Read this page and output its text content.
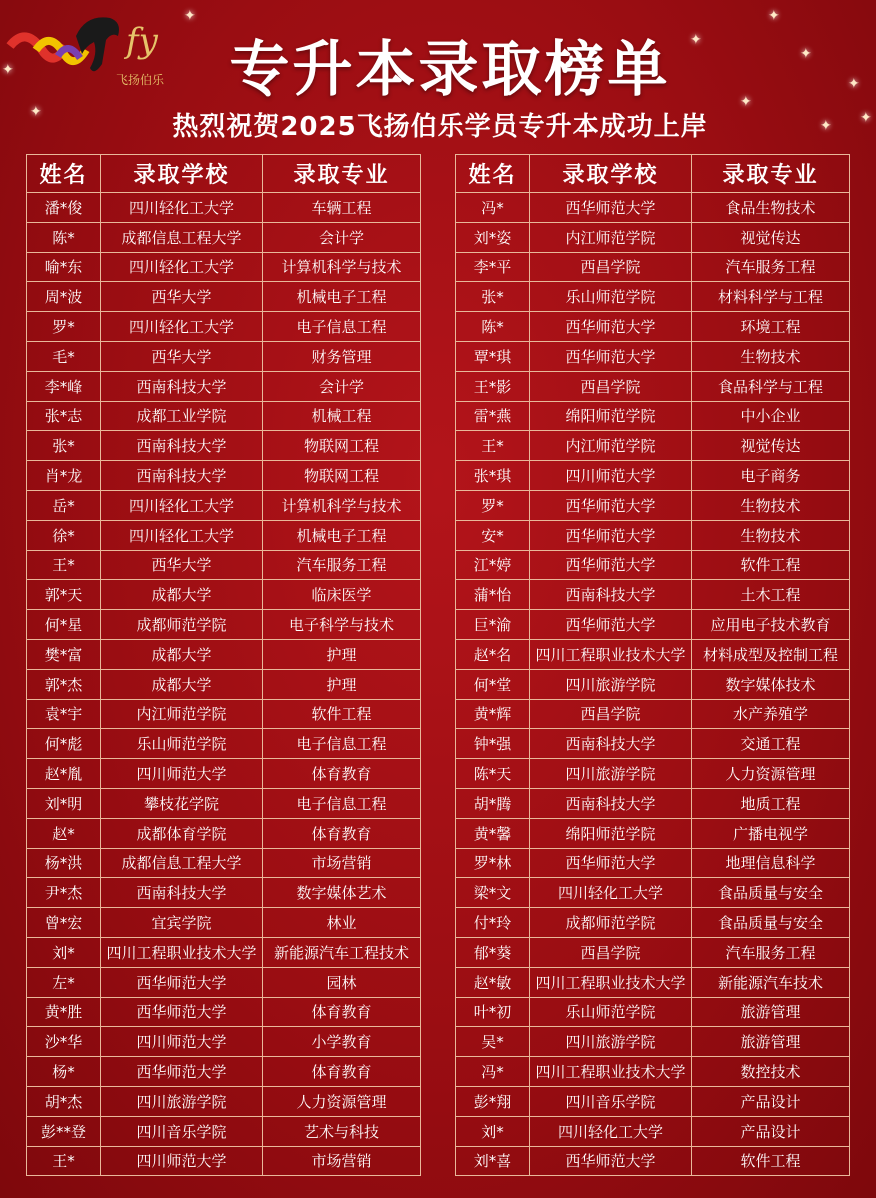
✦
✦
✦
✦
✦
✦
✦
✦
✦
✦
fy
飞扬伯乐	专升本录取榜单
热烈祝贺2025飞扬伯乐学员专升本成功上岸
姓名	录取学校	录取专业
潘*俊	四川轻化工大学	车辆工程
陈*	成都信息工程大学	会计学
喻*东	四川轻化工大学	计算机科学与技术
周*波	西华大学	机械电子工程
罗*	四川轻化工大学	电子信息工程
毛*	西华大学	财务管理
李*峰	西南科技大学	会计学
张*志	成都工业学院	机械工程
张*	西南科技大学	物联网工程
肖*龙	西南科技大学	物联网工程
岳*	四川轻化工大学	计算机科学与技术
徐*	四川轻化工大学	机械电子工程
王*	西华大学	汽车服务工程
郭*天	成都大学	临床医学
何*星	成都师范学院	电子科学与技术
樊*富	成都大学	护理
郭*杰	成都大学	护理
袁*宇	内江师范学院	软件工程
何*彪	乐山师范学院	电子信息工程
赵*胤	四川师范大学	体育教育
刘*明	攀枝花学院	电子信息工程
赵*	成都体育学院	体育教育
杨*洪	成都信息工程大学	市场营销
尹*杰	西南科技大学	数字媒体艺术
曾*宏	宜宾学院	林业
刘*	四川工程职业技术大学	新能源汽车工程技术
左*	西华师范大学	园林
黄*胜	西华师范大学	体育教育
沙*华	四川师范大学	小学教育
杨*	西华师范大学	体育教育
胡*杰	四川旅游学院	人力资源管理
彭**登	四川音乐学院	艺术与科技
王*	四川师范大学	市场营销
姓名	录取学校	录取专业
冯*	西华师范大学	食品生物技术
刘*姿	内江师范学院	视觉传达
李*平	西昌学院	汽车服务工程
张*	乐山师范学院	材料科学与工程
陈*	西华师范大学	环境工程
覃*琪	西华师范大学	生物技术
王*影	西昌学院	食品科学与工程
雷*燕	绵阳师范学院	中小企业
王*	内江师范学院	视觉传达
张*琪	四川师范大学	电子商务
罗*	西华师范大学	生物技术
安*	西华师范大学	生物技术
江*婷	西华师范大学	软件工程
蒲*怡	西南科技大学	土木工程
巨*渝	西华师范大学	应用电子技术教育
赵*名	四川工程职业技术大学	材料成型及控制工程
何*堂	四川旅游学院	数字媒体技术
黄*辉	西昌学院	水产养殖学
钟*强	西南科技大学	交通工程
陈*天	四川旅游学院	人力资源管理
胡*腾	西南科技大学	地质工程
黄*馨	绵阳师范学院	广播电视学
罗*林	西华师范大学	地理信息科学
梁*文	四川轻化工大学	食品质量与安全
付*玲	成都师范学院	食品质量与安全
郁*葵	西昌学院	汽车服务工程
赵*敏	四川工程职业技术大学	新能源汽车技术
叶*初	乐山师范学院	旅游管理
吴*	四川旅游学院	旅游管理
冯*	四川工程职业技术大学	数控技术
彭*翔	四川音乐学院	产品设计
刘*	四川轻化工大学	产品设计
刘*喜	西华师范大学	软件工程
